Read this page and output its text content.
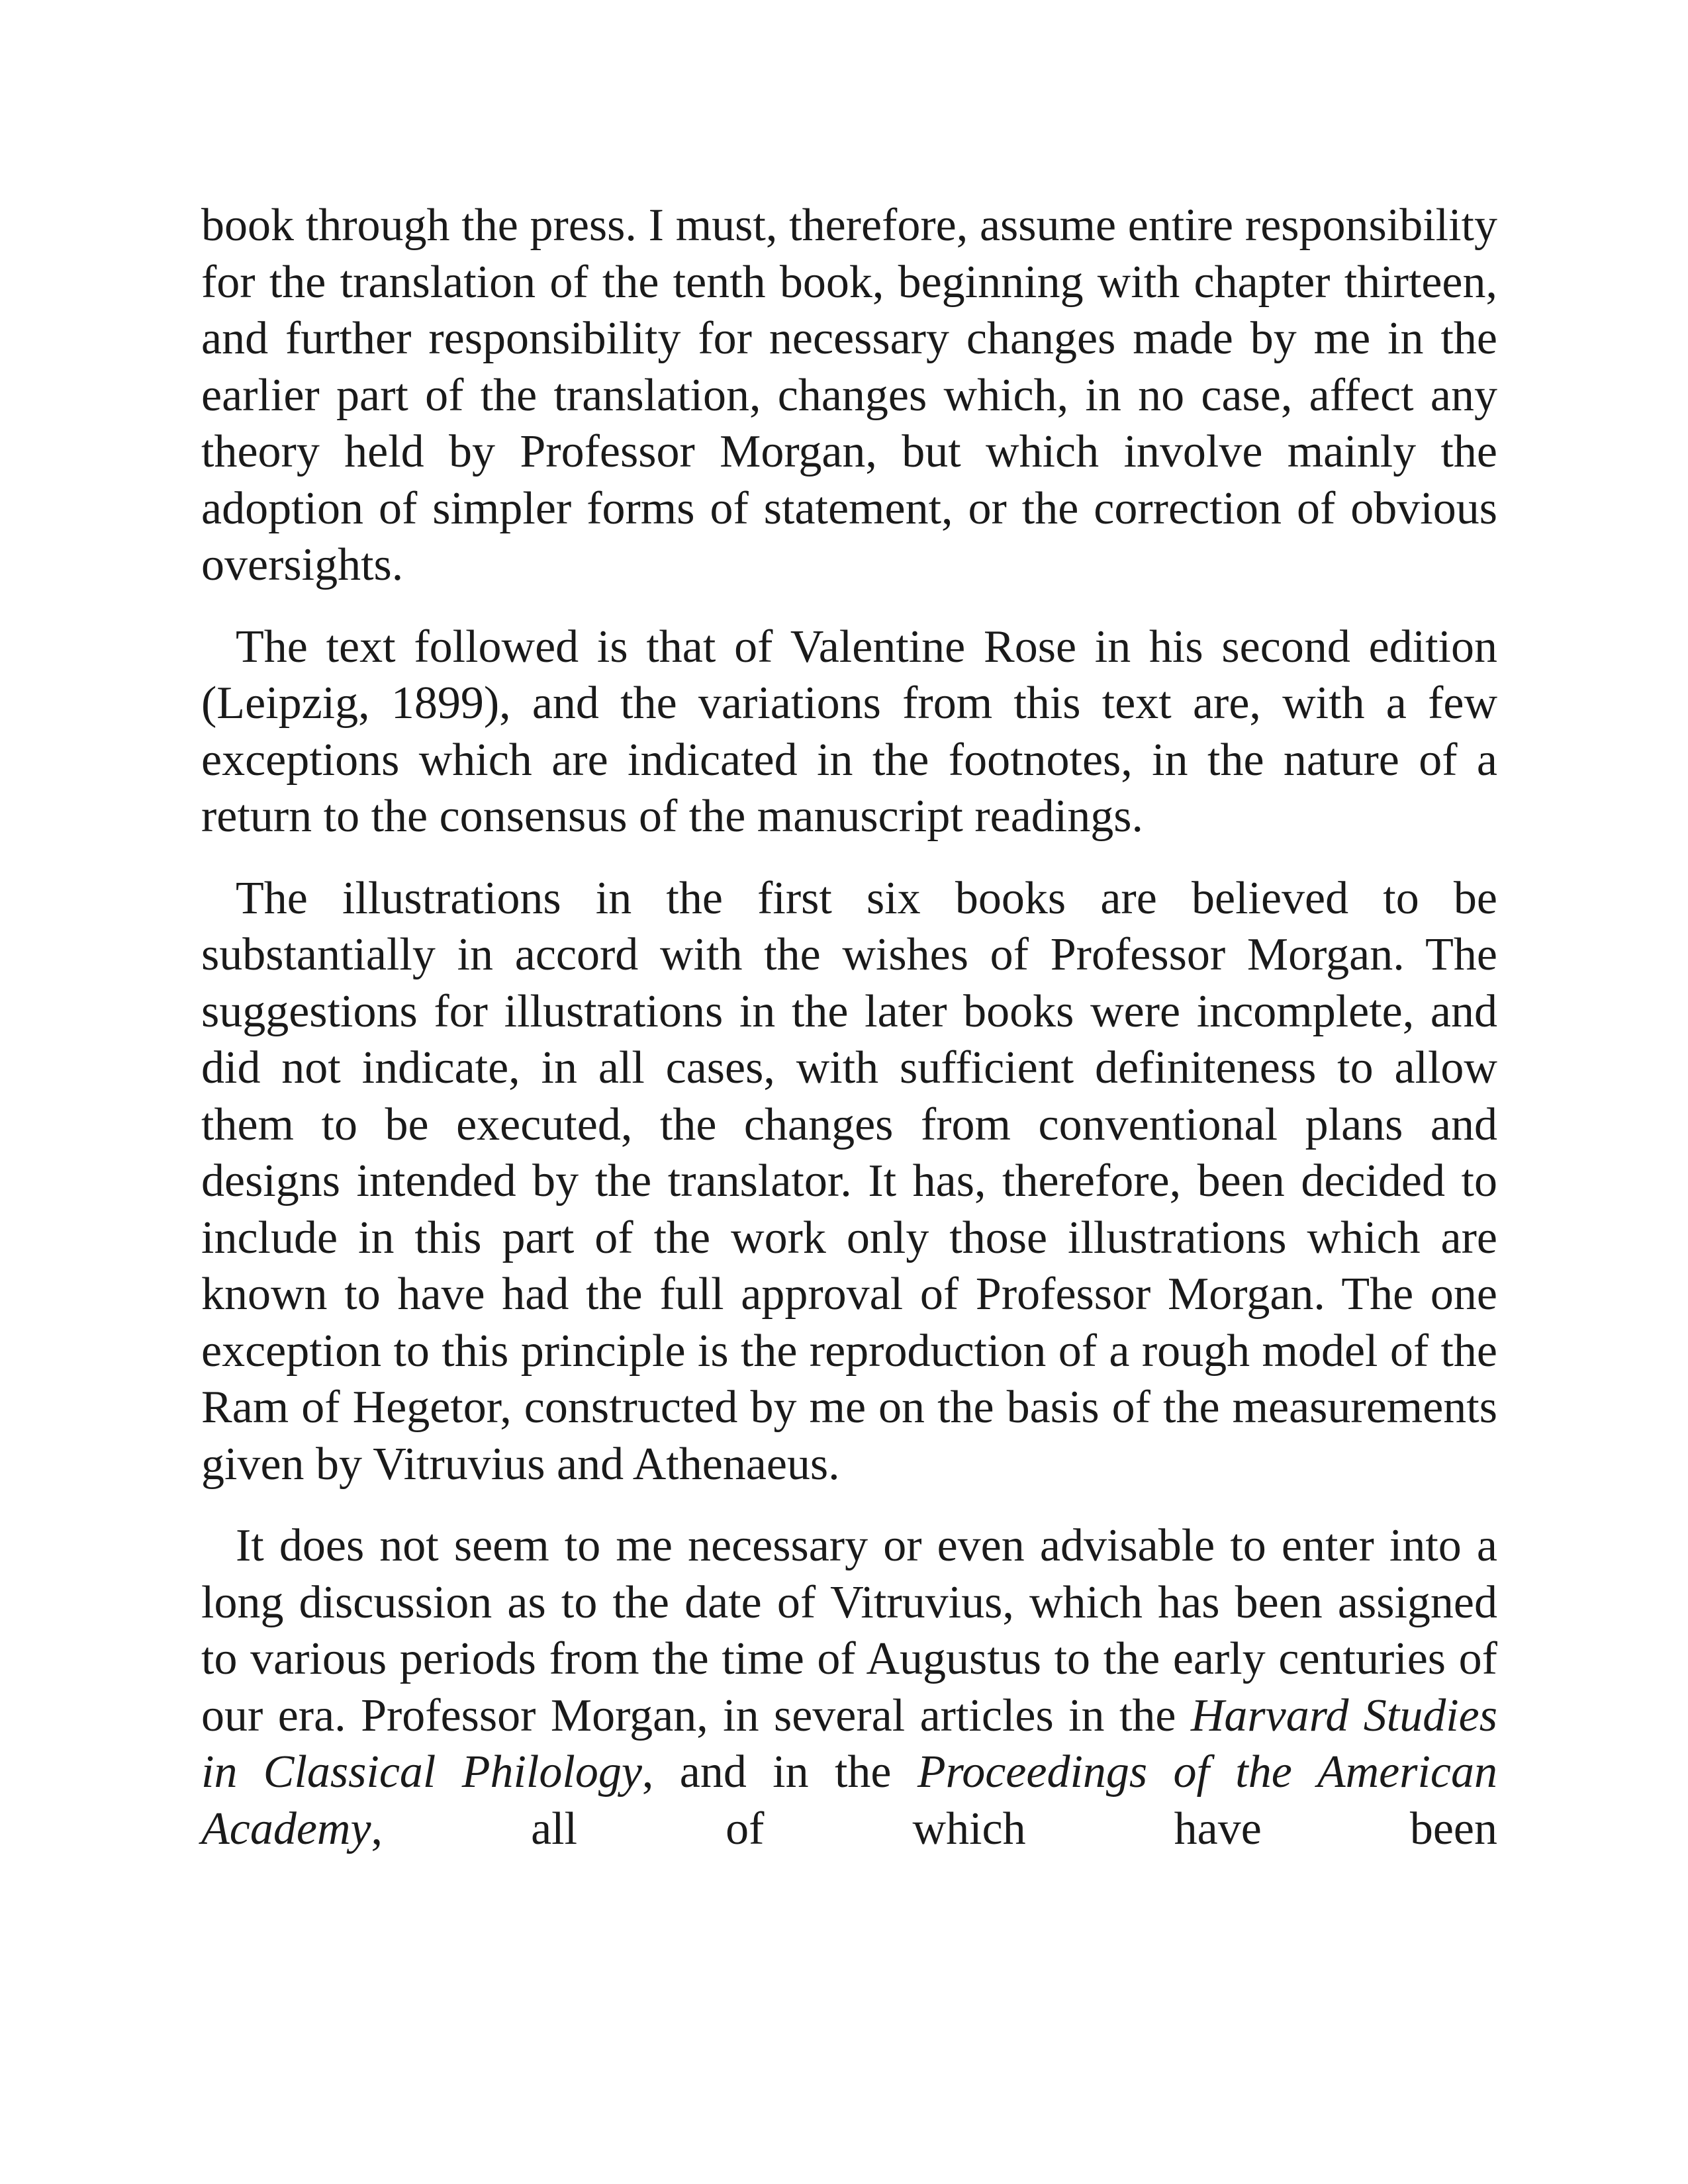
book through the press. I must, therefore, assume entire responsibility for the translation of the tenth book, beginning with chapter thirteen, and further responsibility for necessary changes made by me in the earlier part of the translation, changes which, in no case, affect any theory held by Professor Morgan, but which involve mainly the adoption of simpler forms of statement, or the correction of obvious oversights.

The text followed is that of Valentine Rose in his second edition (Leipzig, 1899), and the variations from this text are, with a few exceptions which are indicated in the footnotes, in the nature of a return to the consensus of the manuscript readings.

The illustrations in the first six books are believed to be substantially in accord with the wishes of Professor Morgan. The suggestions for illustrations in the later books were incomplete, and did not indicate, in all cases, with sufficient definiteness to allow them to be executed, the changes from conventional plans and designs intended by the translator. It has, therefore, been decided to include in this part of the work only those illustrations which are known to have had the full approval of Professor Morgan. The one exception to this principle is the reproduction of a rough model of the Ram of Hegetor, constructed by me on the basis of the measurements given by Vitruvius and Athenaeus.

It does not seem to me necessary or even advisable to enter into a long discussion as to the date of Vitruvius, which has been assigned to various periods from the time of Augustus to the early centuries of our era. Professor Morgan, in several articles in the Harvard Studies in Classical Philology, and in the Proceedings of the American Academy, all of which have been
